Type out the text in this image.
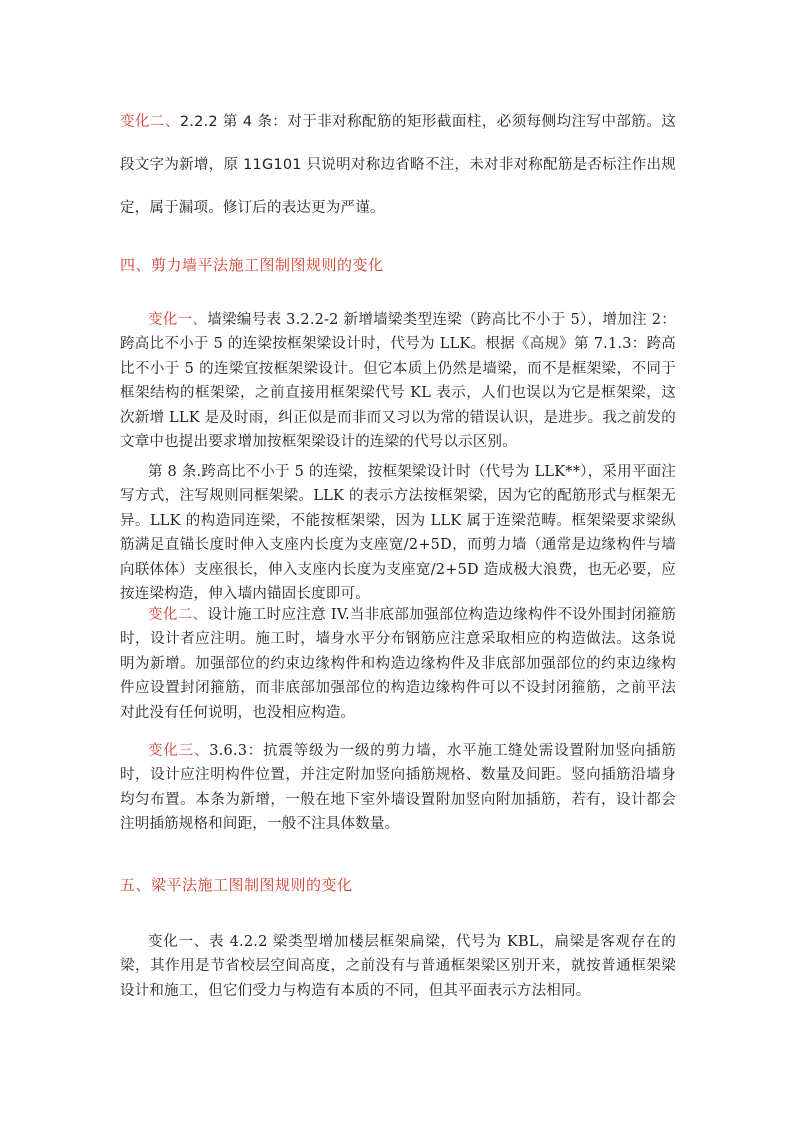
变化二、2.2.2 第 4 条：对于非对称配筋的矩形截面柱，必须每侧均注写中部筋。这段文字为新增，原 11G101 只说明对称边省略不注，未对非对称配筋是否标注作出规定，属于漏项。修订后的表达更为严谨。

四、剪力墙平法施工图制图规则的变化

变化一、墙梁编号表 3.2.2-2 新增墙梁类型连梁（跨高比不小于 5），增加注 2：跨高比不小于 5 的连梁按框架梁设计时，代号为 LLK。根据《高规》第 7.1.3：跨高比不小于 5 的连梁宜按框架梁设计。但它本质上仍然是墙梁，而不是框架梁，不同于框架结构的框架梁，之前直接用框架梁代号 KL 表示，人们也误以为它是框架梁，这次新增 LLK 是及时雨，纠正似是而非而又习以为常的错误认识，是进步。我之前发的文章中也提出要求增加按框架梁设计的连梁的代号以示区别。

第 8 条.跨高比不小于 5 的连梁，按框架梁设计时（代号为 LLK**），采用平面注写方式，注写规则同框架梁。LLK 的表示方法按框架梁，因为它的配筋形式与框架无异。LLK 的构造同连梁，不能按框架梁，因为 LLK 属于连梁范畴。框架梁要求梁纵筋满足直锚长度时伸入支座内长度为支座宽/2+5D，而剪力墙（通常是边缘构件与墙向联体体）支座很长，伸入支座内长度为支座宽/2+5D 造成极大浪费，也无必要，应按连梁构造，伸入墙内锚固长度即可。

变化二、设计施工时应注意 IV.当非底部加强部位构造边缘构件不设外围封闭箍筋时，设计者应注明。施工时，墙身水平分布钢筋应注意采取相应的构造做法。这条说明为新增。加强部位的约束边缘构件和构造边缘构件及非底部加强部位的约束边缘构件应设置封闭箍筋，而非底部加强部位的构造边缘构件可以不设封闭箍筋，之前平法对此没有任何说明，也没相应构造。

变化三、3.6.3：抗震等级为一级的剪力墙，水平施工缝处需设置附加竖向插筋时，设计应注明构件位置，并注定附加竖向插筋规格、数量及间距。竖向插筋沿墙身均匀布置。本条为新增，一般在地下室外墙设置附加竖向附加插筋，若有，设计都会注明插筋规格和间距，一般不注具体数量。

五、梁平法施工图制图规则的变化

变化一、表 4.2.2 梁类型增加楼层框架扁梁，代号为 KBL，扁梁是客观存在的梁，其作用是节省校层空间高度，之前没有与普通框架梁区别开来，就按普通框架梁设计和施工，但它们受力与构造有本质的不同，但其平面表示方法相同。
